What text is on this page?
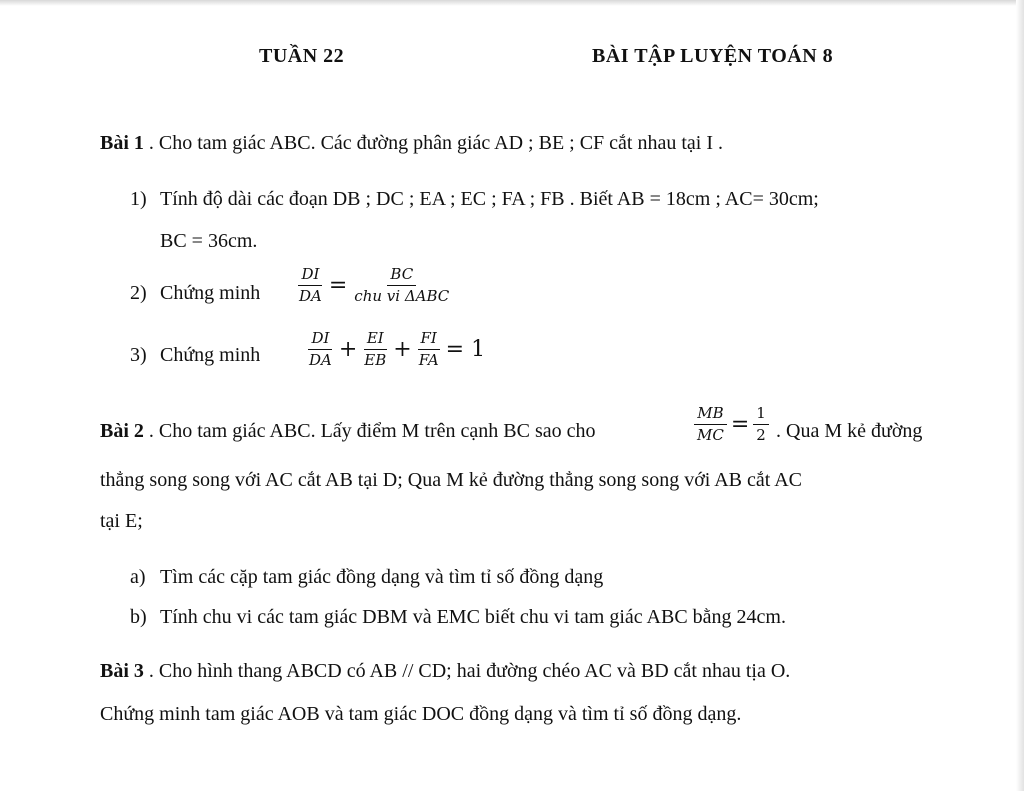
TUẦN 22	BÀI TẬP LUYỆN TOÁN 8
Bài 1 . Cho tam giác ABC. Các đường phân giác AD ; BE ; CF cắt nhau tại I .
1) Tính độ dài các đoạn DB ; DC ; EA ; EC ; FA ; FB . Biết AB = 18cm ; AC= 30cm;
BC = 36cm.
2) Chứng minh $\frac{DI}{DA} = \frac{BC}{\text{chu vi ΔABC}}$
3) Chứng minh	$\frac{DI}{DA} + \frac{EI}{EB} + \frac{FI}{FA} = 1$
Bài 2 . Cho tam giác ABC. Lấy điểm M trên cạnh BC sao cho	$\frac{MB}{MC} = \frac{1}{2}$ . Qua M kẻ đường
thẳng song song với AC cắt AB tại D; Qua M kẻ đường thẳng song song với AB cắt AC
tại E;
a) Tìm các cặp tam giác đồng dạng và tìm tỉ số đồng dạng
b) Tính chu vi các tam giác DBM và EMC biết chu vi tam giác ABC bằng 24cm.
Bài 3 . Cho hình thang ABCD có AB // CD; hai đường chéo AC và BD cắt nhau tịa O.
Chứng minh tam giác AOB và tam giác DOC đồng dạng và tìm tỉ số đồng dạng.
